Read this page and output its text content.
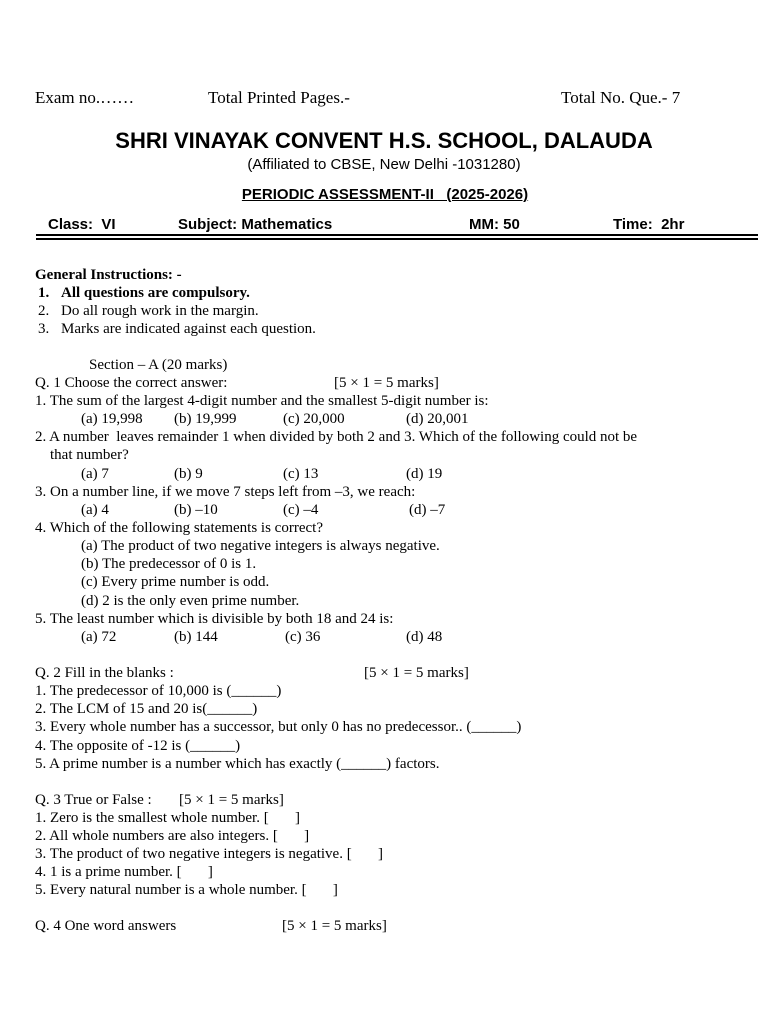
Exam no.……	Total Printed Pages.-	Total No. Que.- 7
SHRI VINAYAK CONVENT H.S. SCHOOL, DALAUDA
(Affiliated to CBSE, New Delhi -1031280)
PERIODIC ASSESSMENT-II   (2025-2026)
Class:  VI	Subject: Mathematics	MM: 50	Time:  2hr
General Instructions: -
1. All questions are compulsory.
2. Do all rough work in the margin.
3. Marks are indicated against each question.
Section – A (20 marks)
Q. 1 Choose the correct answer:	[5 × 1 = 5 marks]
1. The sum of the largest 4-digit number and the smallest 5-digit number is:
(a) 19,998 (b) 19,999	(c) 20,000	(d) 20,001
2. A number  leaves remainder 1 when divided by both 2 and 3. Which of the following could not be
that number?
(a) 7	(b) 9	(c) 13	(d) 19
3. On a number line, if we move 7 steps left from –3, we reach:
(a) 4	(b) –10	(c) –4	(d) –7
4. Which of the following statements is correct?
(a) The product of two negative integers is always negative.
(b) The predecessor of 0 is 1.
(c) Every prime number is odd.
(d) 2 is the only even prime number.
5. The least number which is divisible by both 18 and 24 is:
(a) 72	(b) 144	(c) 36	(d) 48
Q. 2 Fill in the blanks :	[5 × 1 = 5 marks]
1. The predecessor of 10,000 is (______)
2. The LCM of 15 and 20 is(______)
3. Every whole number has a successor, but only 0 has no predecessor.. (______)
4. The opposite of -12 is (______)
5. A prime number is a number which has exactly (______) factors.
Q. 3 True or False : [5 × 1 = 5 marks]
1. Zero is the smallest whole number. [       ]
2. All whole numbers are also integers. [       ]
3. The product of two negative integers is negative. [       ]
4. 1 is a prime number. [       ]
5. Every natural number is a whole number. [       ]
Q. 4 One word answers	[5 × 1 = 5 marks]
